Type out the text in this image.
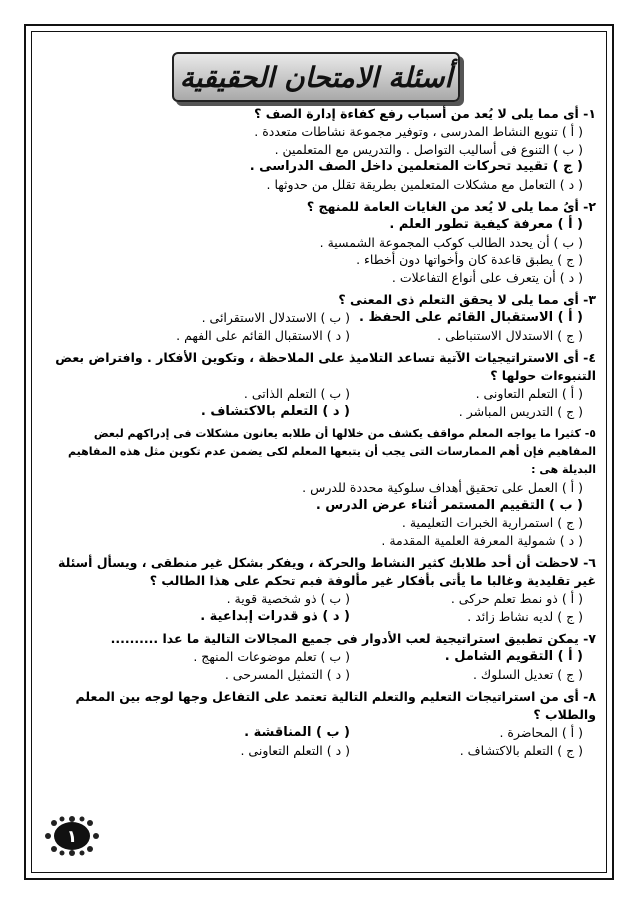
أسئلة الامتحان الحقيقية
١- أى مما يلى لا يُعد من أسباب رفع كفاءة إدارة الصف ؟
( أ ) تنويع النشاط المدرسى ، وتوفير مجموعة نشاطات متعددة .
( ب ) التنوع فى أساليب التواصل . والتدريس مع المتعلمين .
( ج ) تقييد تحركات المتعلمين داخل الصف الدراسى .
( د ) التعامل مع مشكلات المتعلمين بطريقة تقلل من حدوثها .
٢- أىُ مما يلى لا يُعد من الغايات العامة للمنهج ؟
( أ ) معرفة كيفية تطور العلم .
( ب ) أن يحدد الطالب كوكب المجموعة الشمسية .
( ج ) يطبق قاعدة كان وأخواتها دون أخطاء .
( د ) أن يتعرف على أنواع التفاعلات .
٣- أى مما يلى لا يحقق التعلم ذى المعنى ؟
( أ ) الاستقبال القائم على الحفظ .
( ب ) الاستدلال الاستقرائى .
( ج ) الاستدلال الاستنباطى .
( د ) الاستقبال القائم على الفهم .
٤- أى الاستراتيجيات الآتية تساعد التلاميذ على الملاحظة ، وتكوين الأفكار . وافتراض بعض التنبوءات حولها ؟
( أ ) التعلم التعاونى .
( ب ) التعلم الذاتى .
( ج ) التدريس المباشر .
( د ) التعلم بالاكتشاف .
٥- كثيرا ما يواجه المعلم مواقف يكشف من خلالها أن طلابه يعانون مشكلات فى إدراكهم لبعض المفاهيم فإن أهم الممارسات التى يجب أن يتبعها المعلم لكى يضمن عدم تكوين مثل هذه المفاهيم البديلة هى :
( أ ) العمل على تحقيق أهداف سلوكية محددة للدرس .
( ب ) التقييم المستمر أثناء عرض الدرس .
( ج ) استمرارية الخبرات التعليمية .
( د ) شمولية المعرفة العلمية المقدمة .
٦- لاحظت أن أحد طلابك كثير النشاط والحركة ، ويفكر بشكل غير منطقى ، ويسأل أسئلة غير تقليدية وغالبا ما يأتى بأفكار غير مألوفة فبم تحكم على هذا الطالب ؟
( أ ) ذو نمط تعلم حركى .
( ب ) ذو شخصية قوية .
( ج ) لديه نشاط زائد .
( د ) ذو قدرات إبداعية .
٧- يمكن تطبيق استراتيجية لعب الأدوار فى جميع المجالات التالية ما عدا ..........
( أ ) التقويم الشامل .
( ب ) تعلم موضوعات المنهج .
( ج ) تعديل السلوك .
( د ) التمثيل المسرحى .
٨- أى من استراتيجات التعليم والتعلم التالية تعتمد على التفاعل وجها لوجه بين المعلم والطلاب ؟
( أ ) المحاضرة .
( ب ) المناقشة .
( ج ) التعلم بالاكتشاف .
( د ) التعلم التعاونى .
١
